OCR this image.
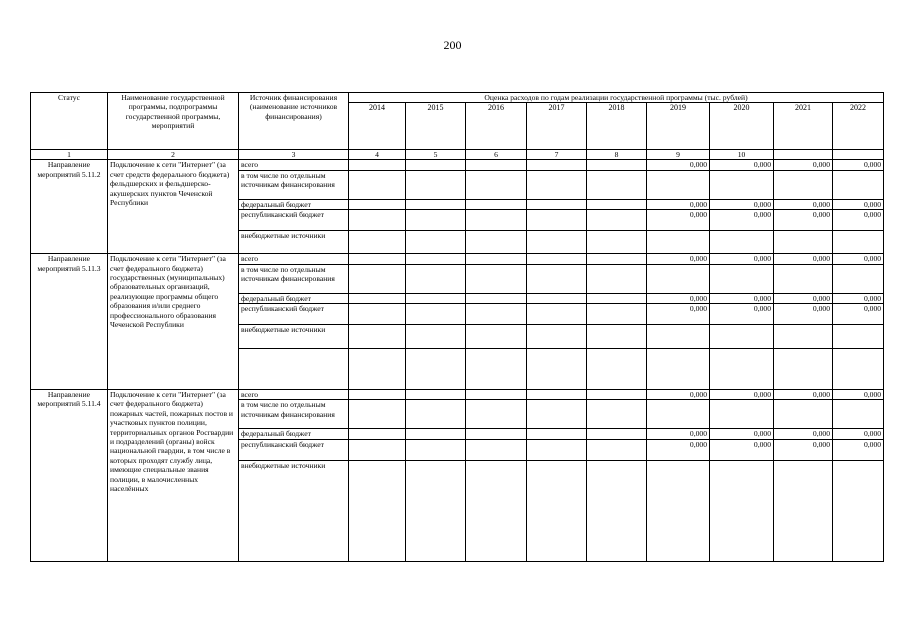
200
Статус	Наименование государственной программы, подпрограммы государственной программы, мероприятий	Источник финансирования (наименование источников финансирования)	Оценка расходов по годам реализации государственной программы (тыс. рублей)								
			2014	2015	2016	2017	2018	2019	2020	2021	2022
1	2	3	4	5	6	7	8	9	10		
Направление мероприятий 5.11.2	Подключение к сети "Интернет" (за счет средств федерального бюджета) фельдшерских и фельдшерско-акушерских пунктов Чеченской Республики	всего						0,000	0,000	0,000	0,000
		в том числе по отдельным источникам финансирования									
		федеральный бюджет						0,000	0,000	0,000	0,000
		республиканский бюджет						0,000	0,000	0,000	0,000
		внебюджетные источники									
Направление мероприятий 5.11.3	Подключение к сети "Интернет" (за счет федерального бюджета) государственных (муниципальных) образовательных организаций, реализующие программы общего образования и/или среднего профессионального образования Чеченской Республики	всего						0,000	0,000	0,000	0,000
		в том числе по отдельным источникам финансирования									
		федеральный бюджет						0,000	0,000	0,000	0,000
		республиканский бюджет						0,000	0,000	0,000	0,000
		внебюджетные источники									

Направление мероприятий 5.11.4	Подключение к сети "Интернет" (за счет федерального бюджета) пожарных частей, пожарных постов и участковых пунктов полиции, территориальных органов Росгвардии и подразделений (органы) войск национальной гвардии, в том числе в которых проходят службу лица, имеющие специальные звания полиции, в малочисленных населённых	всего						0,000	0,000	0,000	0,000
		в том числе по отдельным источникам финансирования									
		федеральный бюджет						0,000	0,000	0,000	0,000
		республиканский бюджет						0,000	0,000	0,000	0,000
		внебюджетные источники									
